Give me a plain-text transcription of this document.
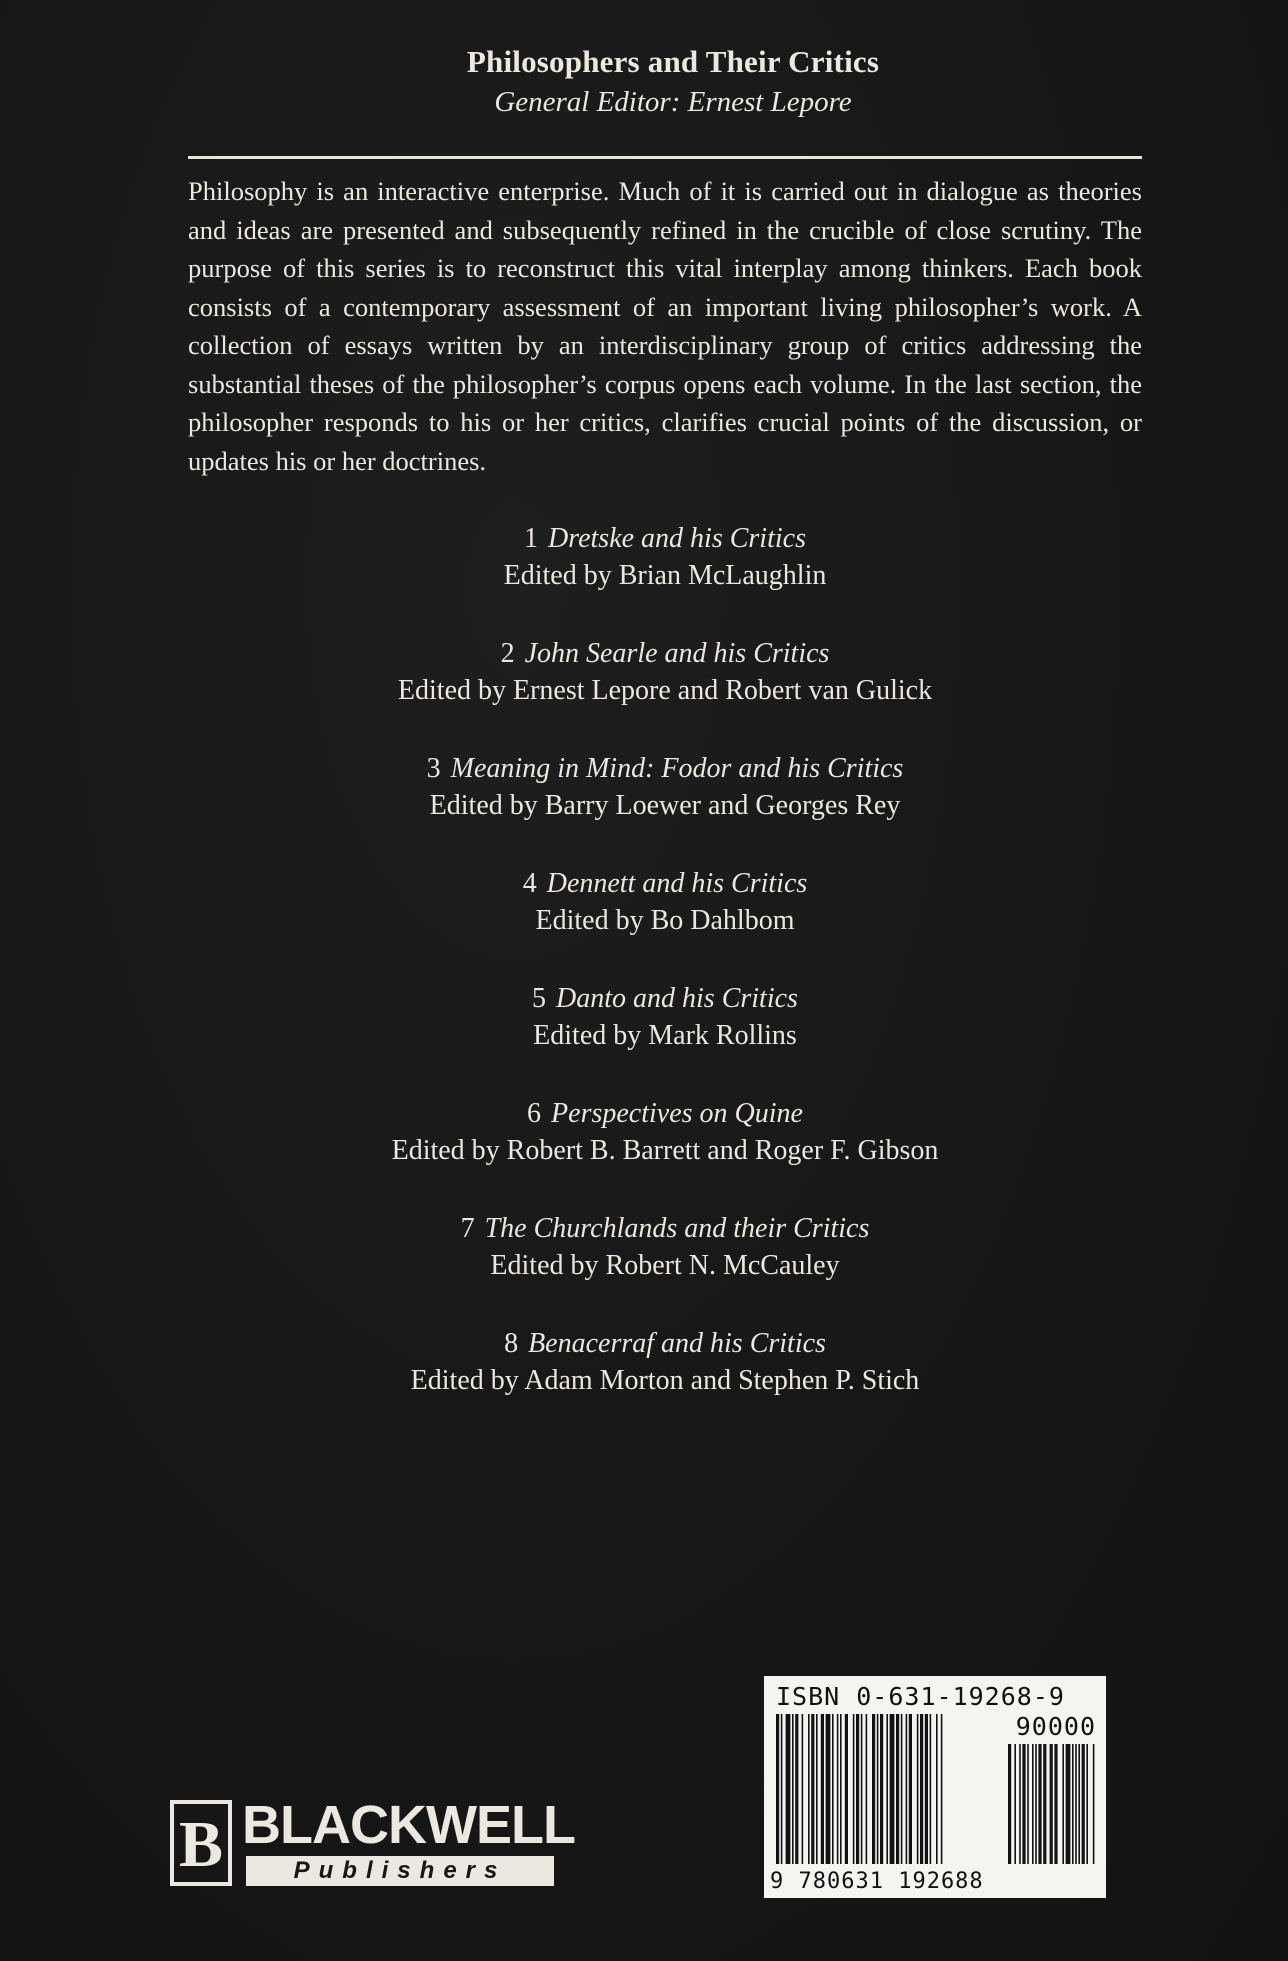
Philosophers and Their Critics
General Editor: Ernest Lepore
Philosophy is an interactive enterprise. Much of it is carried out in dialogue as theories and ideas are presented and subsequently refined in the crucible of close scrutiny. The purpose of this series is to reconstruct this vital interplay among thinkers. Each book consists of a contemporary assessment of an important living philosopher’s work. A collection of essays written by an interdisciplinary group of critics addressing the substantial theses of the philosopher’s corpus opens each volume. In the last section, the philosopher responds to his or her critics, clarifies crucial points of the discussion, or updates his or her doctrines.
1 Dretske and his Critics
Edited by Brian McLaughlin
2 John Searle and his Critics
Edited by Ernest Lepore and Robert van Gulick
3 Meaning in Mind: Fodor and his Critics
Edited by Barry Loewer and Georges Rey
4 Dennett and his Critics
Edited by Bo Dahlbom
5 Danto and his Critics
Edited by Mark Rollins
6 Perspectives on Quine
Edited by Robert B. Barrett and Roger F. Gibson
7 The Churchlands and their Critics
Edited by Robert N. McCauley
8 Benacerraf and his Critics
Edited by Adam Morton and Stephen P. Stich
ISBN 0-631-19268-9
90000
9 780631 192688
B BLACKWELL
Publishers
